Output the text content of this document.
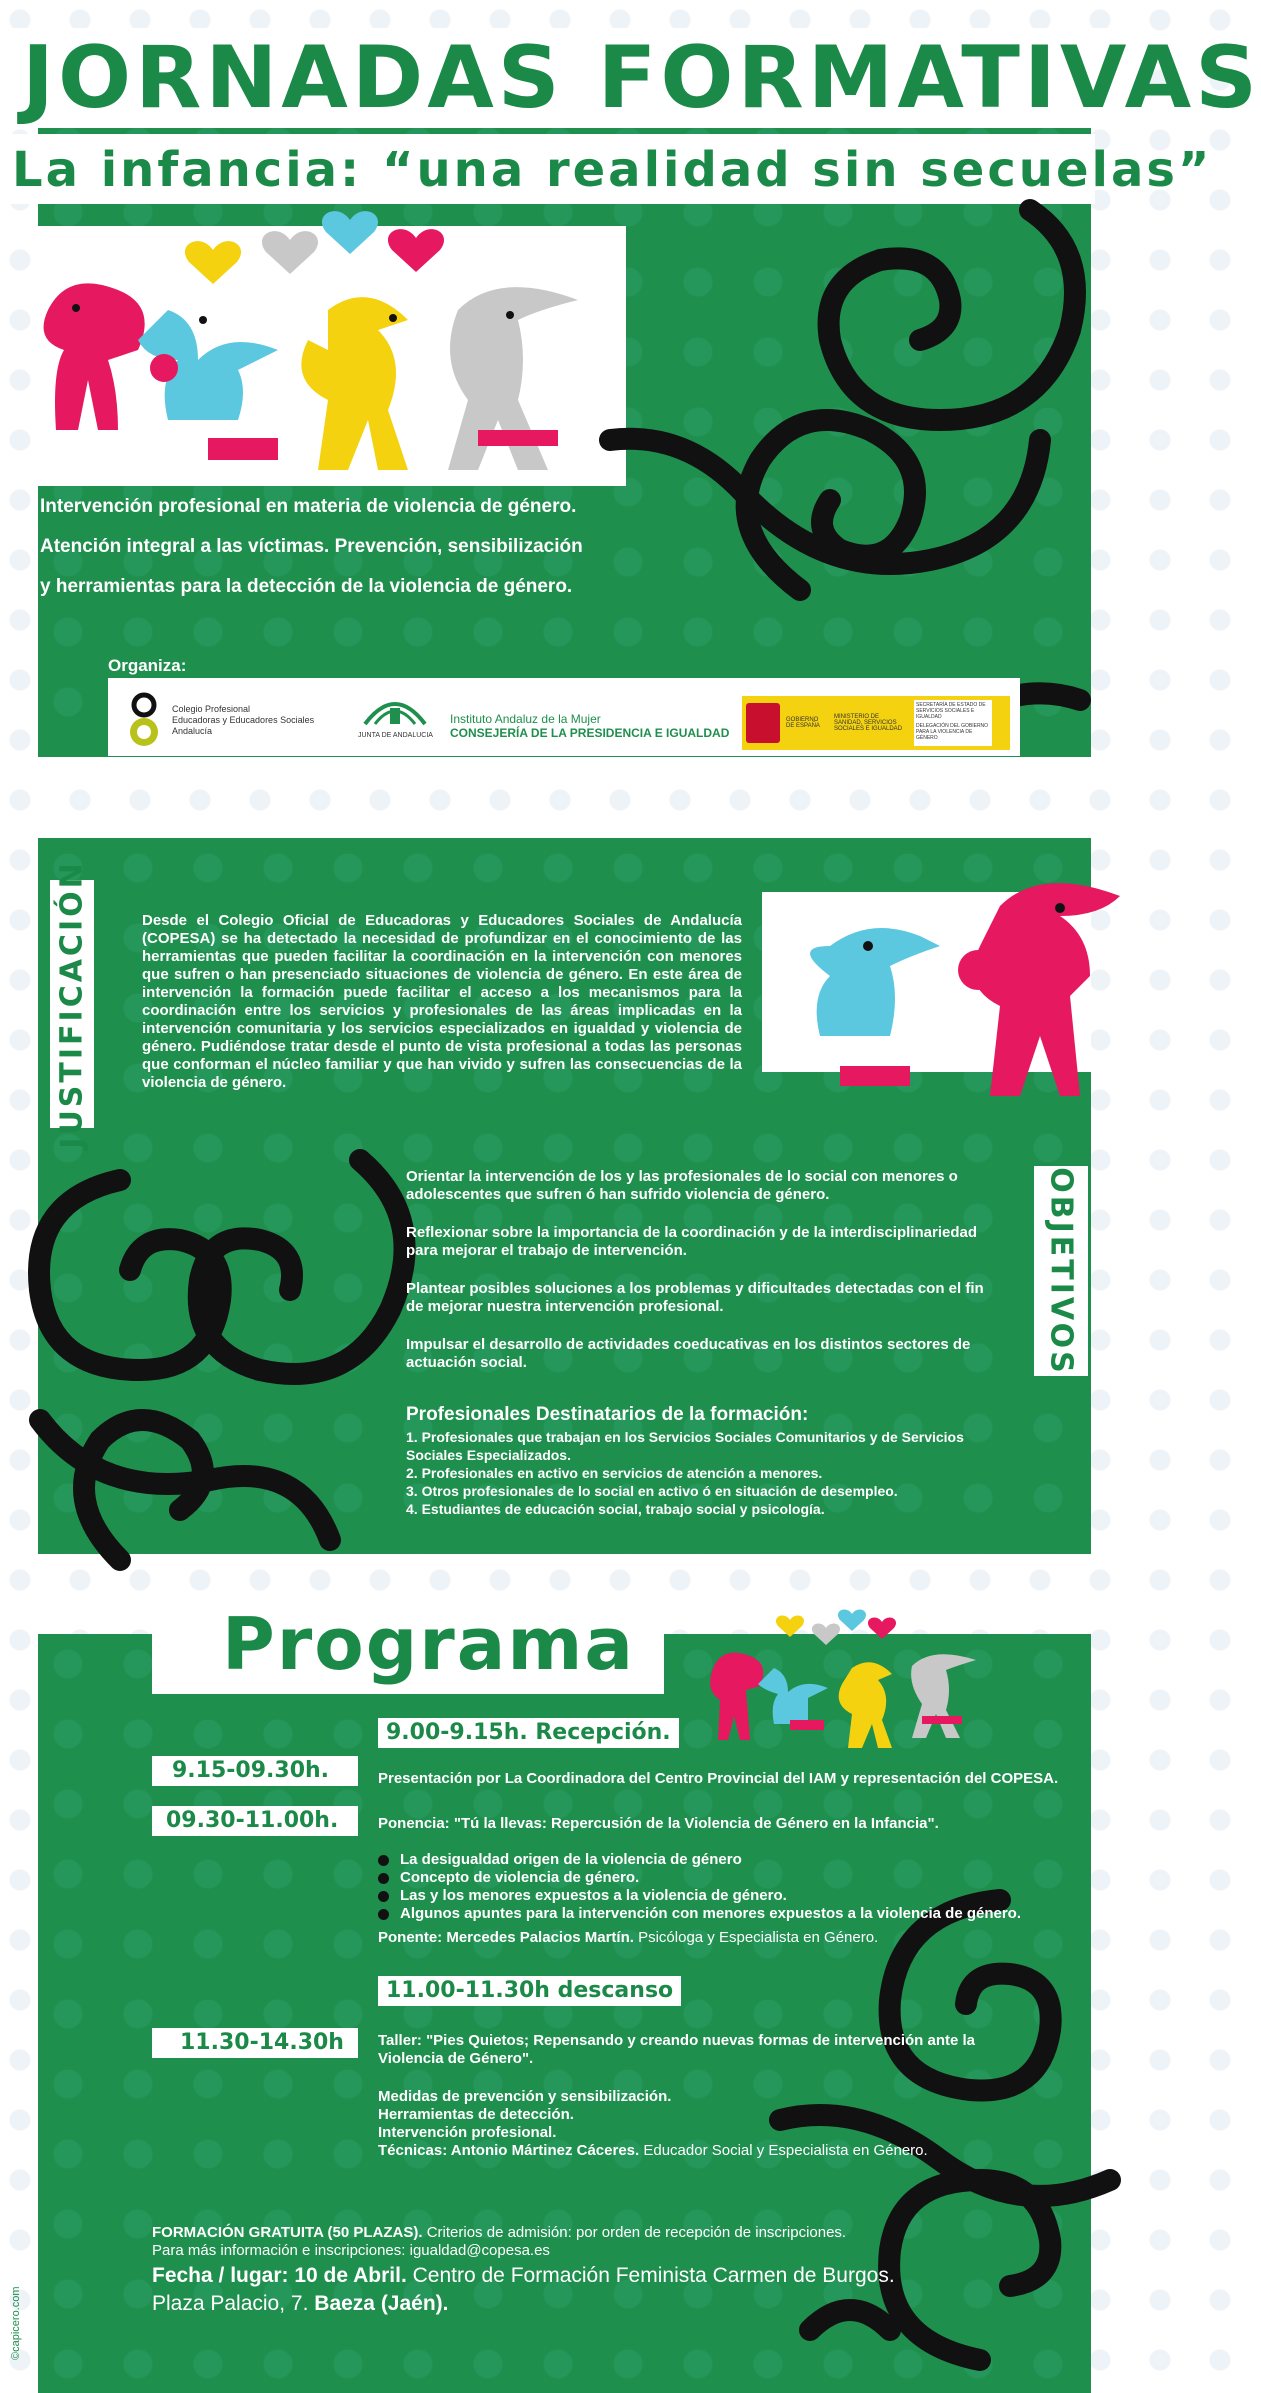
JORNADAS FORMATIVAS
La infancia: “una realidad sin secuelas”
Intervención profesional en materia de violencia de género.
Atención integral a las víctimas. Prevención, sensibilización
y herramientas para la detección de la violencia de género.
Organiza:
Colegio Profesional
Educadoras y Educadores Sociales
Andalucía	JUNTA DE ANDALUCIA
Instituto Andaluz de la Mujer
CONSEJERÍA DE LA PRESIDENCIA E IGUALDAD
GOBIERNO DE ESPAÑA
MINISTERIO DE SANIDAD, SERVICIOS SOCIALES E IGUALDAD
SECRETARÍA DE ESTADO DE SERVICIOS SOCIALES E IGUALDAD
DELEGACIÓN DEL GOBIERNO PARA LA VIOLENCIA DE GÉNERO
JUSTIFICACIÓN	Desde el Colegio Oficial de Educadoras y Educadores Sociales de Andalucía (COPESA) se ha detectado la necesidad de profundizar en el conocimiento de las herramientas que pueden facilitar la coordinación en la intervención con menores que sufren o han presenciado situaciones de violencia de género. En este área de intervención la formación puede facilitar el acceso a los mecanismos para la coordinación entre los servicios y profesionales de las áreas implicadas en la intervención comunitaria y los servicios especializados en igualdad y violencia de género. Pudiéndose tratar desde el punto de vista profesional a todas las personas que conforman el núcleo familiar y que han vivido y sufren las consecuencias de la violencia de género.
Orientar la intervención de los y las profesionales de lo social con menores o adolescentes que sufren ó han sufrido violencia de género.
Reflexionar sobre la importancia de la coordinación y de la interdisciplinariedad para mejorar el trabajo de intervención.
Plantear posibles soluciones a los problemas y dificultades detectadas con el fin de mejorar nuestra intervención profesional.
Impulsar el desarrollo de actividades coeducativas en los distintos sectores de actuación social.	OBJETIVOS
Profesionales Destinatarios de la formación:
1. Profesionales que trabajan en los Servicios Sociales Comunitarios y de Servicios Sociales Especializados.
2. Profesionales en activo en servicios de atención a menores.
3. Otros profesionales de lo social en activo ó en situación de desempleo.
4. Estudiantes de educación social, trabajo social y psicología.
Programa
9.00-9.15h. Recepción.
9.15-09.30h.	Presentación por La Coordinadora del Centro Provincial del IAM y representación del COPESA.
09.30-11.00h.	Ponencia: "Tú la llevas: Repercusión de la Violencia de Género en la Infancia".
La desigualdad origen de la violencia de género
Concepto de violencia de género.
Las y los menores expuestos a la violencia de género.
Algunos apuntes para la intervención con menores expuestos a la violencia de género.
Ponente: Mercedes Palacios Martín. Psicóloga y Especialista en Género.
11.00-11.30h descanso
11.30-14.30h	Taller: "Pies Quietos; Repensando y creando nuevas formas de intervención ante la Violencia de Género".
Medidas de prevención y sensibilización.
Herramientas de detección.
Intervención profesional.
Técnicas: Antonio Mártinez Cáceres. Educador Social y Especialista en Género.
FORMACIÓN GRATUITA (50 PLAZAS). Criterios de admisión: por orden de recepción de inscripciones.
Para más información e inscripciones: igualdad@copesa.es
Fecha / lugar: 10 de Abril. Centro de Formación Feminista Carmen de Burgos.
Plaza Palacio, 7. Baeza (Jaén).
©capicero.com
